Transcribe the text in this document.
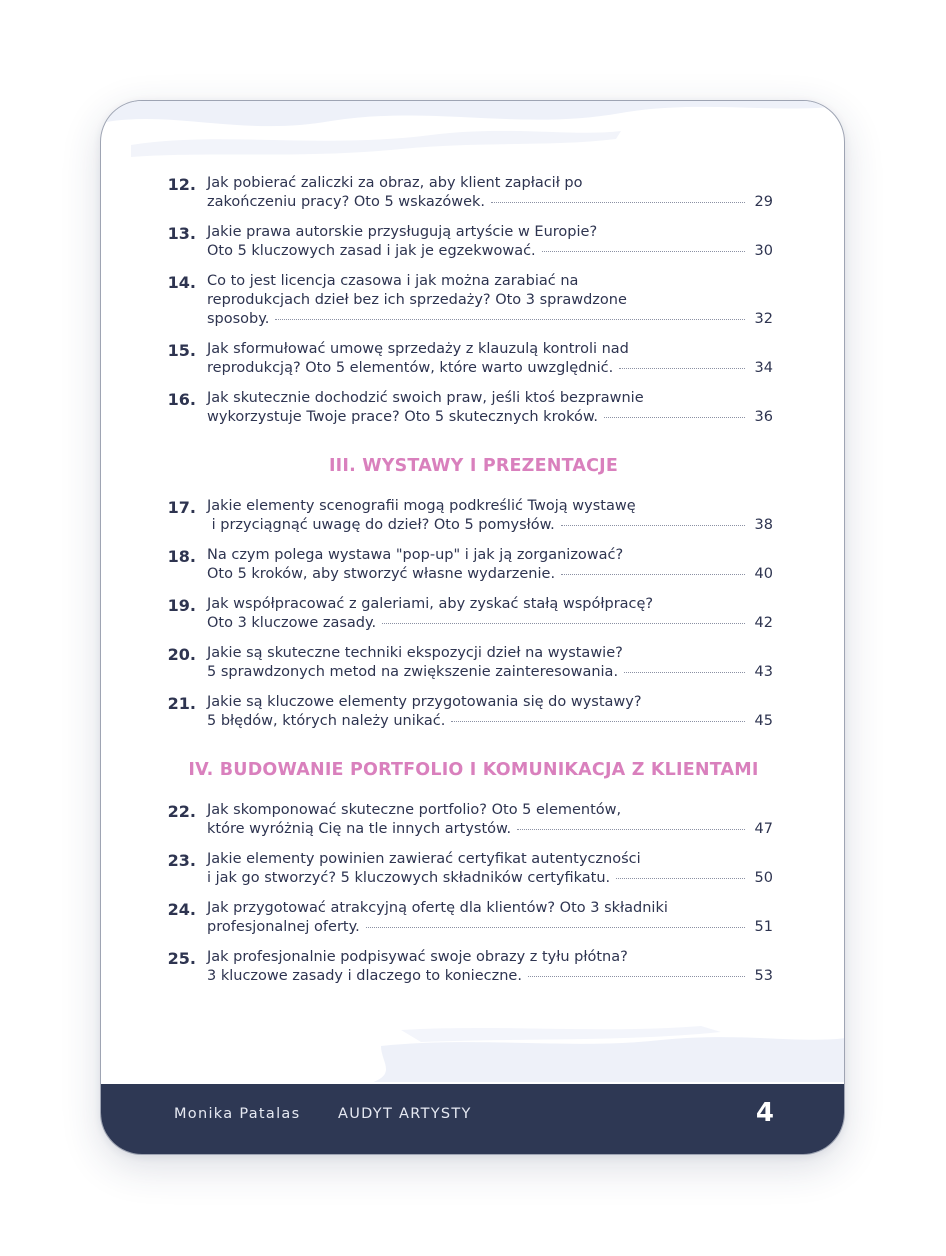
12. Jak pobierać zaliczki za obraz, aby klient zapłacił po
zakończeniu pracy? Oto 5 wskazówek.	29
13. Jakie prawa autorskie przysługują artyście w Europie?
Oto 5 kluczowych zasad i jak je egzekwować.	30
14. Co to jest licencja czasowa i jak można zarabiać na
reprodukcjach dzieł bez ich sprzedaży? Oto 3 sprawdzone
sposoby.	32
15. Jak sformułować umowę sprzedaży z klauzulą kontroli nad
reprodukcją? Oto 5 elementów, które warto uwzględnić.	34
16. Jak skutecznie dochodzić swoich praw, jeśli ktoś bezprawnie
wykorzystuje Twoje prace? Oto 5 skutecznych kroków.	36
III. WYSTAWY I PREZENTACJE
17. Jakie elementy scenografii mogą podkreślić Twoją wystawę
i przyciągnąć uwagę do dzieł? Oto 5 pomysłów.	38
18. Na czym polega wystawa "pop-up" i jak ją zorganizować?
Oto 5 kroków, aby stworzyć własne wydarzenie.	40
19. Jak współpracować z galeriami, aby zyskać stałą współpracę?
Oto 3 kluczowe zasady.	42
20. Jakie są skuteczne techniki ekspozycji dzieł na wystawie?
5 sprawdzonych metod na zwiększenie zainteresowania.	43
21. Jakie są kluczowe elementy przygotowania się do wystawy?
5 błędów, których należy unikać.	45
IV. BUDOWANIE PORTFOLIO I KOMUNIKACJA Z KLIENTAMI
22. Jak skomponować skuteczne portfolio? Oto 5 elementów,
które wyróżnią Cię na tle innych artystów.	47
23. Jakie elementy powinien zawierać certyfikat autentyczności
i jak go stworzyć? 5 kluczowych składników certyfikatu.	50
24. Jak przygotować atrakcyjną ofertę dla klientów? Oto 3 składniki
profesjonalnej oferty.	51
25. Jak profesjonalnie podpisywać swoje obrazy z tyłu płótna?
3 kluczowe zasady i dlaczego to konieczne.	53
Monika Patalas	AUDYT ARTYSTY	4
